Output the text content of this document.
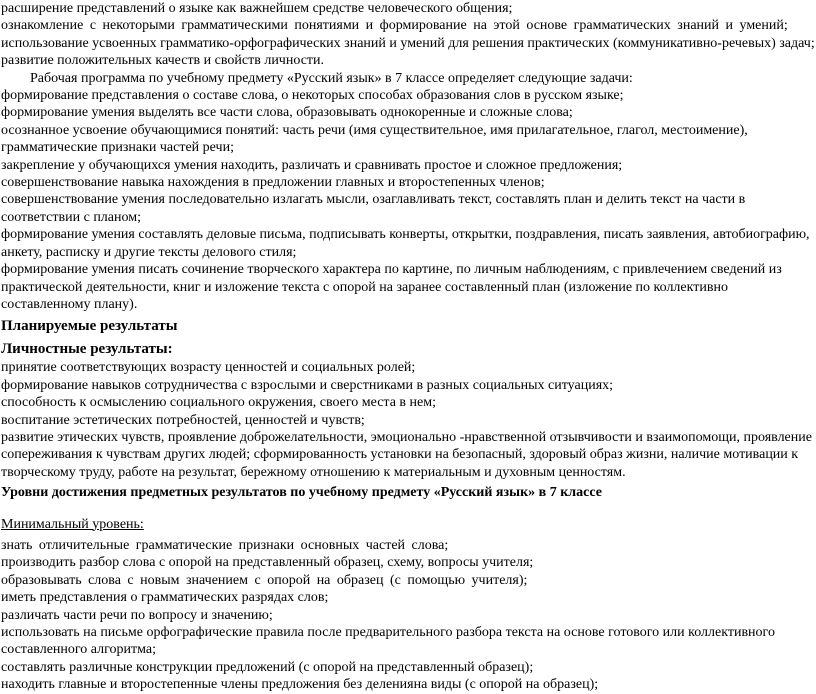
расширение представлений о языке как важнейшем средстве человеческого общения;

ознакомление с некоторыми грамматическими понятиями и формирование на этой основе грамматических знаний и умений;

использование усвоенных грамматико-орфографических знаний и умений для решения практических (коммуникативно-речевых) задач;

развитие положительных качеств и свойств личности.

Рабочая программа по учебному предмету «Русский язык» в 7 классе определяет следующие задачи:

формирование представления о составе слова, о некоторых способах образования слов в русском языке;

формирование умения выделять все части слова, образовывать однокоренные и сложные слова;

осознанное усвоение обучающимися понятий: часть речи (имя существительное, имя прилагательное, глагол, местоимение), грамматические признаки частей речи;

закрепление у обучающихся умения находить, различать и сравнивать простое и сложное предложения;

совершенствование навыка нахождения в предложении главных и второстепенных членов;

совершенствование умения последовательно излагать мысли, озаглавливать текст, составлять план и делить текст на части в соответствии с планом;

формирование умения составлять деловые письма, подписывать конверты, открытки, поздравления, писать заявления, автобиографию, анкету, расписку и другие тексты делового стиля;

формирование умения писать сочинение творческого характера по картине, по личным наблюдениям, с привлечением сведений из практической деятельности, книг и изложение текста с опорой на заранее составленный план (изложение по коллективно составленному плану).

Планируемые результаты
Личностные результаты:

принятие соответствующих возрасту ценностей и социальных ролей;

формирование навыков сотрудничества с взрослыми и сверстниками в разных социальных ситуациях;

способность к осмыслению социального окружения, своего места в нем;

воспитание эстетических потребностей, ценностей и чувств;

развитие этических чувств, проявление доброжелательности, эмоционально -нравственной отзывчивости и взаимопомощи, проявление сопереживания к чувствам других людей; сформированность установки на безопасный, здоровый образ жизни, наличие мотивации к творческому труду, работе на результат, бережному отношению к материальным и духовным ценностям.

Уровни достижения предметных результатов по учебному предмету «Русский язык» в 7 классе

Минимальный уровень:

знать отличительные грамматические признаки основных частей слова;

производить разбор слова с опорой на представленный образец, схему, вопросы учителя;

образовывать слова с новым значением с опорой на образец (с помощью учителя);

иметь представления о грамматических разрядах слов;

различать части речи по вопросу и значению;

использовать на письме орфографические правила после предварительного разбора текста на основе готового или коллективного составленного алгоритма;

составлять различные конструкции предложений (с опорой на представленный образец);

находить главные и второстепенные члены предложения без деленияна виды (с опорой на образец);
